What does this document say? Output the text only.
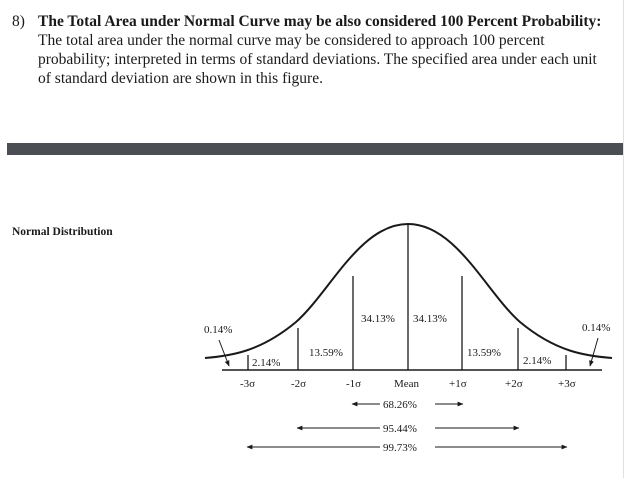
8) The Total Area under Normal Curve may be also considered 100 Percent Probability: The total area under the normal curve may be considered to approach 100 percent probability; interpreted in terms of standard deviations. The specified area under each unit of standard deviation are shown in this figure.
Normal Distribution
0.14%	0.14%
2.14%	2.14%
13.59%	13.59%
34.13% 34.13%
-3σ	-2σ	-1σ	Mean	+1σ	+2σ	+3σ
68.26%
95.44%
99.73%
